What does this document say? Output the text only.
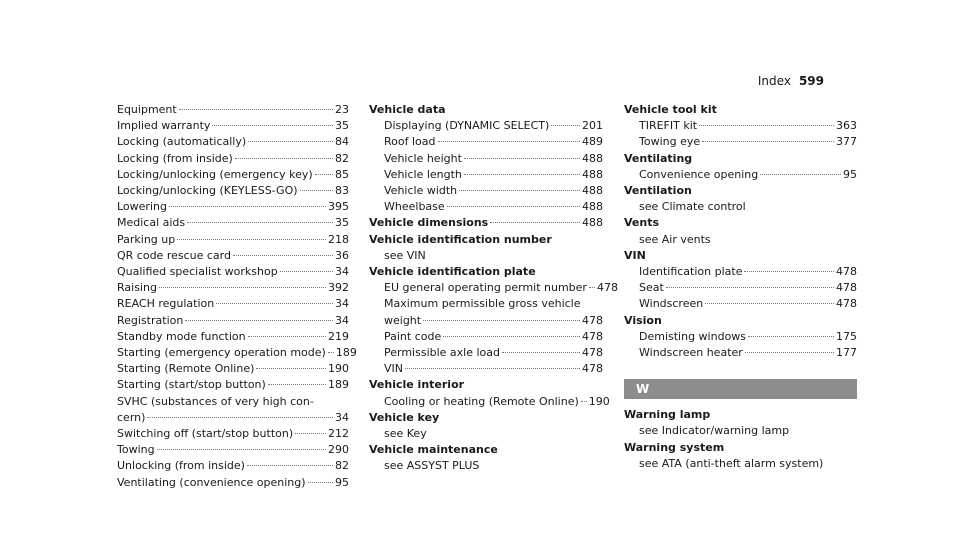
Index 599
Equipment	23
Implied warranty	35
Locking (automatically)	84
Locking (from inside)	82
Locking/unlocking (emergency key) 85
Locking/unlocking (KEYLESS-GO)	83
Lowering	395
Medical aids	35
Parking up	218
QR code rescue card	36
Qualified specialist workshop	34
Raising	392
REACH regulation	34
Registration	34
Standby mode function	219
Starting (emergency operation mode) 189
Starting (Remote Online)	190
Starting (start/stop button)	189
SVHC (substances of very high con-
cern)	34
Switching off (start/stop button)	212
Towing	290
Unlocking (from inside)	82
Ventilating (convenience opening)	95
Vehicle data
Displaying (DYNAMIC SELECT)	201
Roof load	489
Vehicle height	488
Vehicle length	488
Vehicle width	488
Wheelbase	488
Vehicle dimensions	488
Vehicle identification number
see VIN
Vehicle identification plate
EU general operating permit number 478
Maximum permissible gross vehicle
weight	478
Paint code	478
Permissible axle load	478
VIN	478
Vehicle interior
Cooling or heating (Remote Online) 190
Vehicle key
see Key
Vehicle maintenance
see ASSYST PLUS
Vehicle tool kit
TIREFIT kit	363
Towing eye	377
Ventilating
Convenience opening	95
Ventilation
see Climate control
Vents
see Air vents
VIN
Identification plate	478
Seat	478
Windscreen	478
Vision
Demisting windows	175
Windscreen heater	177
W
Warning lamp
see Indicator/warning lamp
Warning system
see ATA (anti-theft alarm system)
